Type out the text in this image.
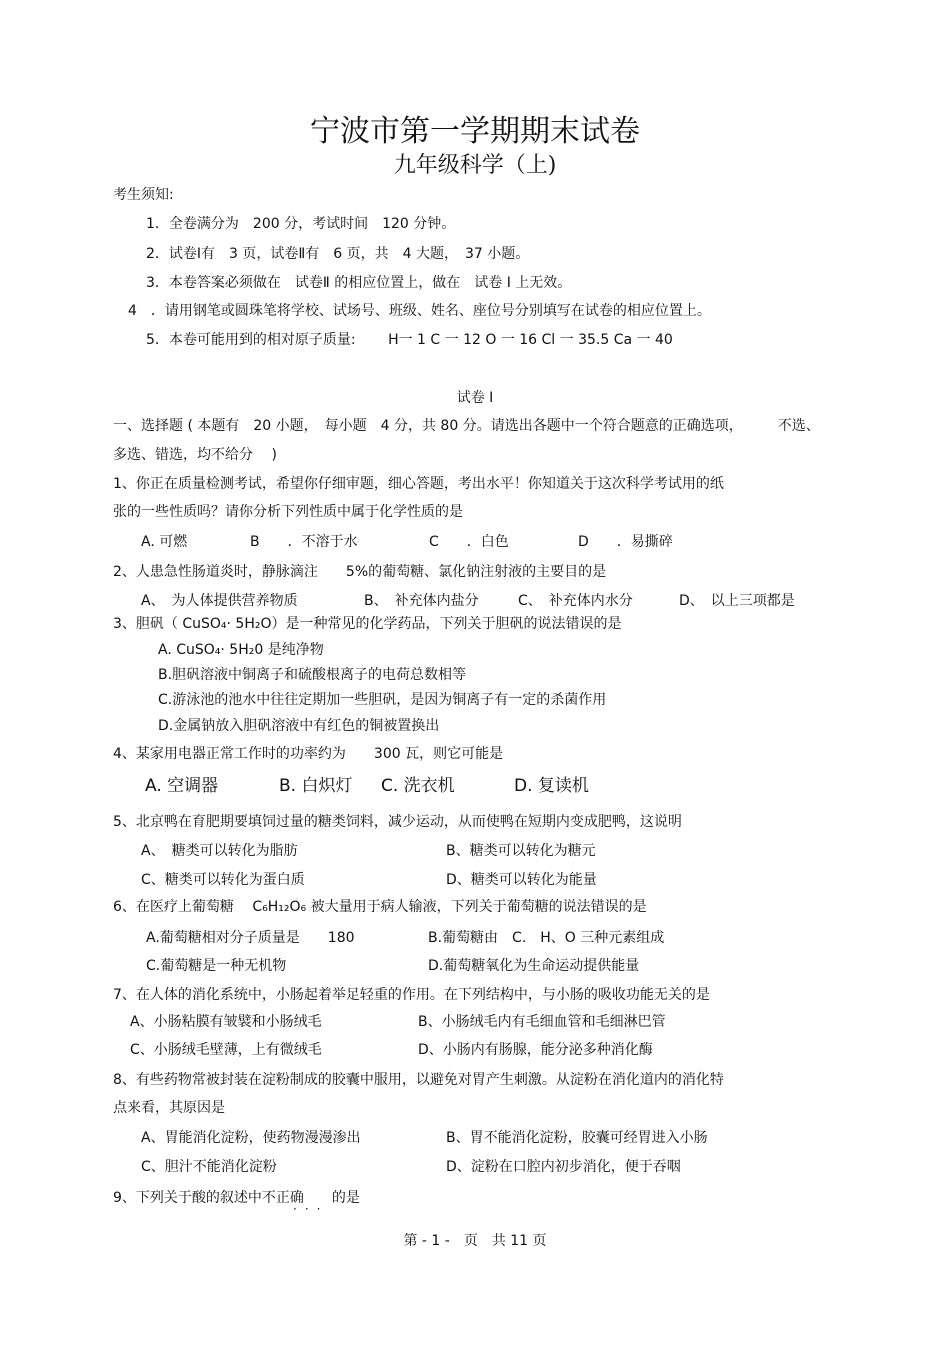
宁波市第一学期期末试卷
九年级科学（上)
考生须知:
1．全卷满分为　200 分，考试时间　120 分钟。
2．试卷Ⅰ有　3 页，试卷Ⅱ有　6 页，共　4 大题，　37 小题。
3．本卷答案必须做在　试卷Ⅱ 的相应位置上，做在　试卷 Ⅰ 上无效。
4　．请用钢笔或圆珠笔将学校、试场号、班级、姓名、座位号分别填写在试卷的相应位置上。
5．本卷可能用到的相对原子质量:　　 H一 1 C 一 12 O 一 16 Cl 一 35.5 Ca 一 40
试卷 Ⅰ
一、选择题 ( 本题有　20 小题，　每小题　4 分，共 80 分。请选出各题中一个符合题意的正确选项，　　　不选、
多选、错选，均不给分　 )
1、你正在质量检测考试，希望你仔细审题，细心答题，考出水平！你知道关于这次科学考试用的纸
张的一些性质吗？请你分析下列性质中属于化学性质的是
A. 可燃	B　　．不溶于水	C　　．白色	D　　．易撕碎
2、人患急性肠道炎时，静脉滴注　　5%的葡萄糖、氯化钠注射液的主要目的是
A、　为人体提供营养物质	B、　补充体内盐分	C、　补充体内水分	D、　以上三项都是
3、胆矾（ CuSO₄· 5H₂O）是一种常见的化学药品，下列关于胆矾的说法错误的是
A. CuSO₄· 5H₂0 是纯净物
B.胆矾溶液中铜离子和硫酸根离子的电荷总数相等
C.游泳池的池水中往往定期加一些胆矾，是因为铜离子有一定的杀菌作用
D.金属钠放入胆矾溶液中有红色的铜被置换出
4、某家用电器正常工作时的功率约为　　300 瓦，则它可能是
A. 空调器	B. 白炽灯 C. 洗衣机	D. 复读机
5、北京鸭在育肥期要填饲过量的糖类饲料，减少运动，从而使鸭在短期内变成肥鸭，这说明
A、　糖类可以转化为脂肪	B、糖类可以转化为糖元
C、糖类可以转化为蛋白质	D、糖类可以转化为能量
6、在医疗上葡萄糖　 C₆H₁₂O₆ 被大量用于病人输液，下列关于葡萄糖的说法错误的是
A.葡萄糖相对分子质量是　　180	B.葡萄糖由　C.　H、O 三种元素组成
C.葡萄糖是一种无机物	D.葡萄糖氧化为生命运动提供能量
7、在人体的消化系统中，小肠起着举足轻重的作用。在下列结构中，与小肠的吸收功能无关的是
A、小肠粘膜有皱襞和小肠绒毛	B、小肠绒毛内有毛细血管和毛细淋巴管
C、小肠绒毛壁薄，上有微绒毛	D、小肠内有肠腺，能分泌多种消化酶
8、有些药物常被封装在淀粉制成的胶囊中服用，以避免对胃产生刺激。从淀粉在消化道内的消化特
点来看，其原因是
A、胃能消化淀粉，使药物漫漫渗出	B、胃不能消化淀粉，胶囊可经胃进入小肠
C、胆汁不能消化淀粉	D、淀粉在口腔内初步消化，便于吞咽
9、下列关于酸的叙述中不正确　　的是
···
第 - 1 -　页　共 11 页
